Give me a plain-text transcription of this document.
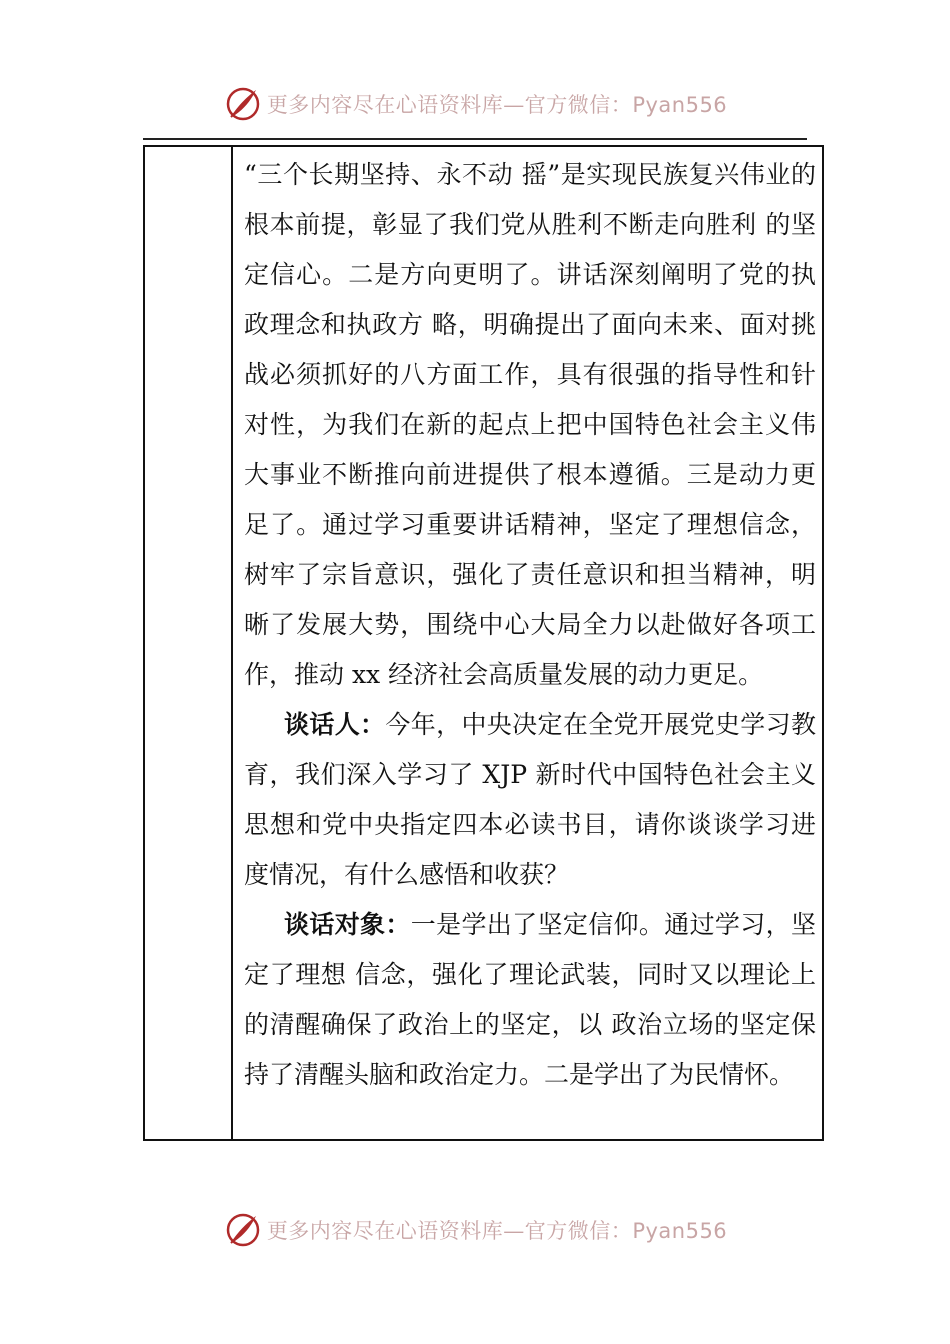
更多内容尽在心语资料库—官方微信：Pyan556

“三个长期坚持、永不动 摇”是实现民族复兴伟业的根本前提，彰显了我们党从胜利不断走向胜利 的坚定信心。二是方向更明了。讲话深刻阐明了党的执政理念和执政方 略，明确提出了面向未来、面对挑战必须抓好的八方面工作，具有很强的指导性和针对性，为我们在新的起点上把中国特色社会主义伟大事业不断推向前进提供了根本遵循。三是动力更足了。通过学习重要讲话精神，坚定了理想信念，树牢了宗旨意识，强化了责任意识和担当精神，明晰了发展大势，围绕中心大局全力以赴做好各项工作，推动 xx 经济社会高质量发展的动力更足。

谈话人：今年，中央决定在全党开展党史学习教育，我们深入学习了 XJP 新时代中国特色社会主义思想和党中央指定四本必读书目，请你谈谈学习进度情况，有什么感悟和收获？

谈话对象：一是学出了坚定信仰。通过学习，坚定了理想 信念，强化了理论武装，同时又以理论上的清醒确保了政治上的坚定，以 政治立场的坚定保持了清醒头脑和政治定力。二是学出了为民情怀。

更多内容尽在心语资料库—官方微信：Pyan556
